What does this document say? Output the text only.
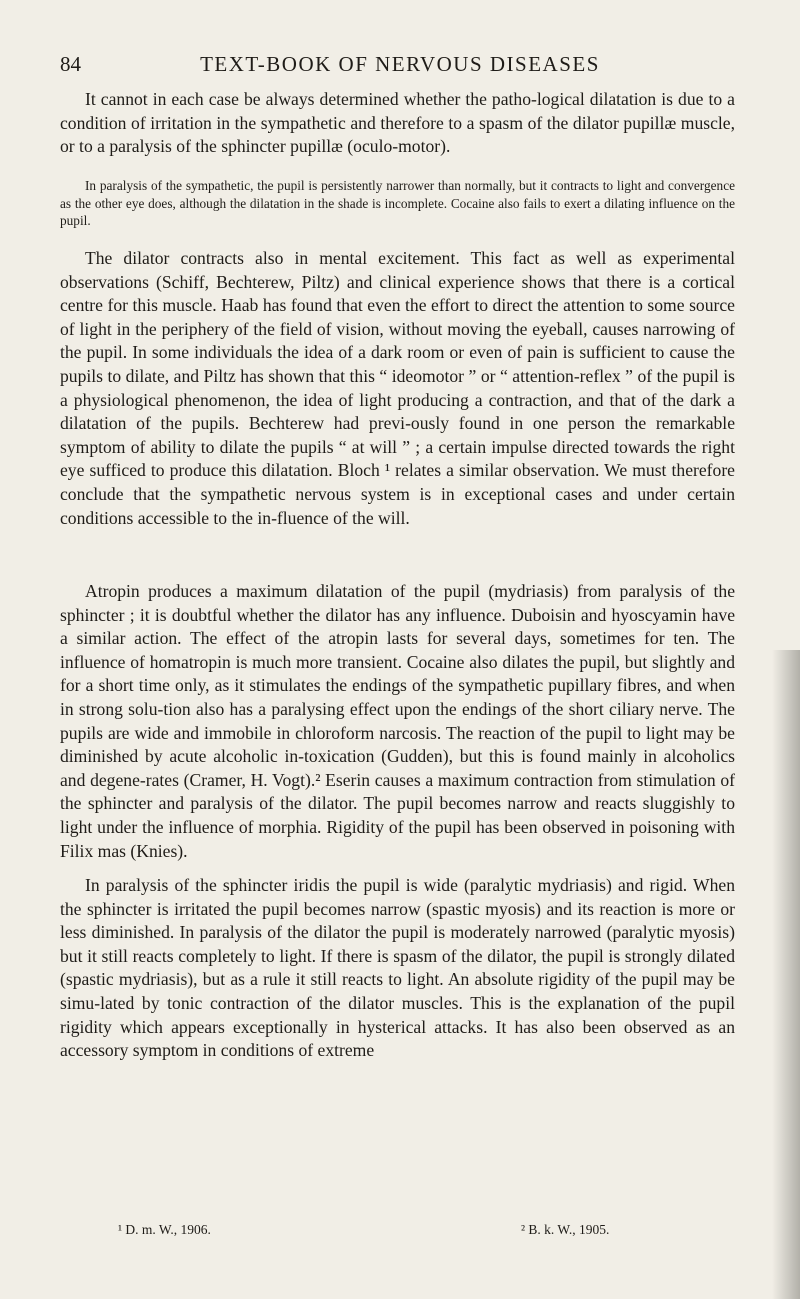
84	TEXT-BOOK OF NERVOUS DISEASES

It cannot in each case be always determined whether the patho-logical dilatation is due to a condition of irritation in the sympathetic and therefore to a spasm of the dilator pupillæ muscle, or to a paralysis of the sphincter pupillæ (oculo-motor).

In paralysis of the sympathetic, the pupil is persistently narrower than normally, but it contracts to light and convergence as the other eye does, although the dilatation in the shade is incomplete. Cocaine also fails to exert a dilating influence on the pupil.

The dilator contracts also in mental excitement. This fact as well as experimental observations (Schiff, Bechterew, Piltz) and clinical experience shows that there is a cortical centre for this muscle. Haab has found that even the effort to direct the attention to some source of light in the periphery of the field of vision, without moving the eyeball, causes narrowing of the pupil. In some individuals the idea of a dark room or even of pain is sufficient to cause the pupils to dilate, and Piltz has shown that this “ ideomotor ” or “ attention-reflex ” of the pupil is a physiological phenomenon, the idea of light producing a contraction, and that of the dark a dilatation of the pupils. Bechterew had previ-ously found in one person the remarkable symptom of ability to dilate the pupils “ at will ” ; a certain impulse directed towards the right eye sufficed to produce this dilatation. Bloch ¹ relates a similar observation. We must therefore conclude that the sympathetic nervous system is in exceptional cases and under certain conditions accessible to the in-fluence of the will.

Atropin produces a maximum dilatation of the pupil (mydriasis) from paralysis of the sphincter ; it is doubtful whether the dilator has any influence. Duboisin and hyoscyamin have a similar action. The effect of the atropin lasts for several days, sometimes for ten. The influence of homatropin is much more transient. Cocaine also dilates the pupil, but slightly and for a short time only, as it stimulates the endings of the sympathetic pupillary fibres, and when in strong solu-tion also has a paralysing effect upon the endings of the short ciliary nerve. The pupils are wide and immobile in chloroform narcosis. The reaction of the pupil to light may be diminished by acute alcoholic in-toxication (Gudden), but this is found mainly in alcoholics and degene-rates (Cramer, H. Vogt).² Eserin causes a maximum contraction from stimulation of the sphincter and paralysis of the dilator. The pupil becomes narrow and reacts sluggishly to light under the influence of morphia. Rigidity of the pupil has been observed in poisoning with Filix mas (Knies).

In paralysis of the sphincter iridis the pupil is wide (paralytic mydriasis) and rigid. When the sphincter is irritated the pupil becomes narrow (spastic myosis) and its reaction is more or less diminished. In paralysis of the dilator the pupil is moderately narrowed (paralytic myosis) but it still reacts completely to light. If there is spasm of the dilator, the pupil is strongly dilated (spastic mydriasis), but as a rule it still reacts to light. An absolute rigidity of the pupil may be simu-lated by tonic contraction of the dilator muscles. This is the explanation of the pupil rigidity which appears exceptionally in hysterical attacks. It has also been observed as an accessory symptom in conditions of extreme

¹ D. m. W., 1906.	² B. k. W., 1905.
